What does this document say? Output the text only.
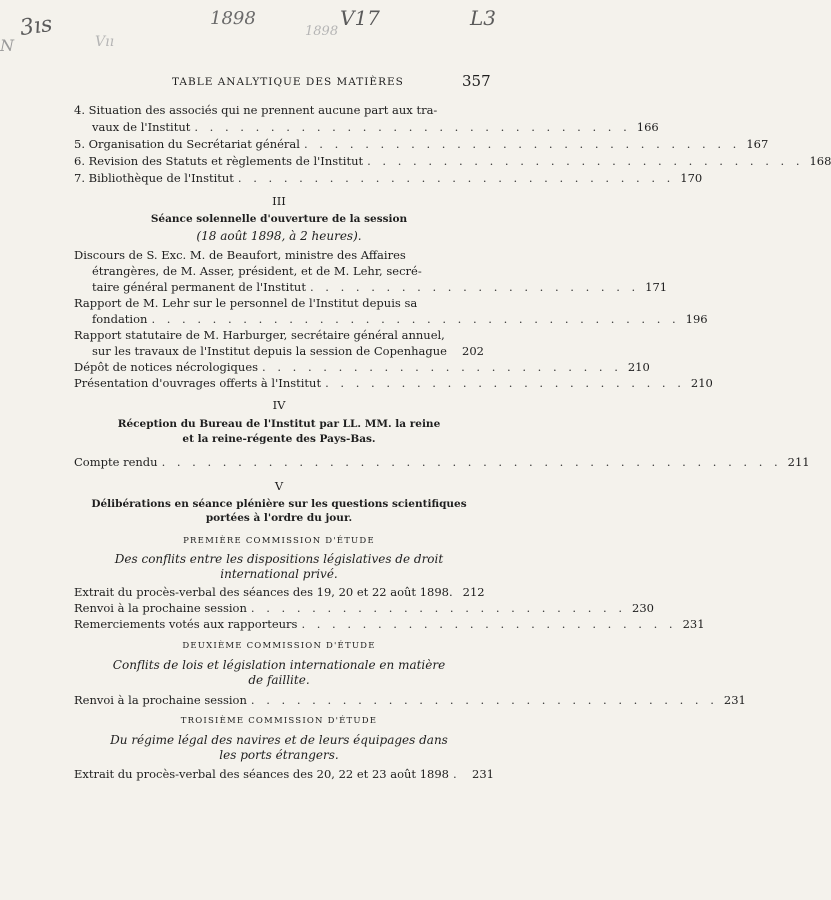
3ıs	1898	V17	L3
1898
Vıı
N
TABLE ANALYTIQUE DES MATIÈRES	357
4. Situation des associés qui ne prennent aucune part aux tra-
vaux de l'Institut . . . . . . . . . . . . . . . . . . . . . . . . . . . . . 166
5. Organisation du Secrétariat général . . . . . . . . . . . . . . . . . . . . . . . . . . . . . 167
6. Revision des Statuts et règlements de l'Institut . . . . . . . . . . . . . . . . . . . . . . . . . . . . . 168
7. Bibliothèque de l'Institut . . . . . . . . . . . . . . . . . . . . . . . . . . . . . 170
III
Séance solennelle d'ouverture de la session
(18 août 1898, à 2 heures).
Discours de S. Exc. M. de Beaufort, ministre des Affaires
étrangères, de M. Asser, président, et de M. Lehr, secré-
taire général permanent de l'Institut . . . . . . . . . . . . . . . . . . . . . . 171
Rapport de M. Lehr sur le personnel de l'Institut depuis sa
fondation . . . . . . . . . . . . . . . . . . . . . . . . . . . . . . . . . . . 196
Rapport statutaire de M. Harburger, secrétaire général annuel,
sur les travaux de l'Institut depuis la session de Copenhague	202
Dépôt de notices nécrologiques . . . . . . . . . . . . . . . . . . . . . . . . 210
Présentation d'ouvrages offerts à l'Institut . . . . . . . . . . . . . . . . . . . . . . . . 210
IV
Réception du Bureau de l'Institut par LL. MM. la reine
et la reine-régente des Pays-Bas.
Compte rendu . . . . . . . . . . . . . . . . . . . . . . . . . . . . . . . . . . . . . . . . . 211
V
Délibérations en séance plénière sur les questions scientifiques
portées à l'ordre du jour.
PREMIÈRE COMMISSION D'ÉTUDE
Des conflits entre les dispositions législatives de droit
international privé.
Extrait du procès-verbal des séances des 19, 20 et 22 août 1898. 212
Renvoi à la prochaine session . . . . . . . . . . . . . . . . . . . . . . . . . 230
Remerciements votés aux rapporteurs . . . . . . . . . . . . . . . . . . . . . . . . . 231
DEUXIÈME COMMISSION D'ÉTUDE
Conflits de lois et législation internationale en matière
de faillite.
Renvoi à la prochaine session . . . . . . . . . . . . . . . . . . . . . . . . . . . . . . . 231
TROISIÈME COMMISSION D'ÉTUDE
Du régime légal des navires et de leurs équipages dans
les ports étrangers.
Extrait du procès-verbal des séances des 20, 22 et 23 août 1898 . 231
